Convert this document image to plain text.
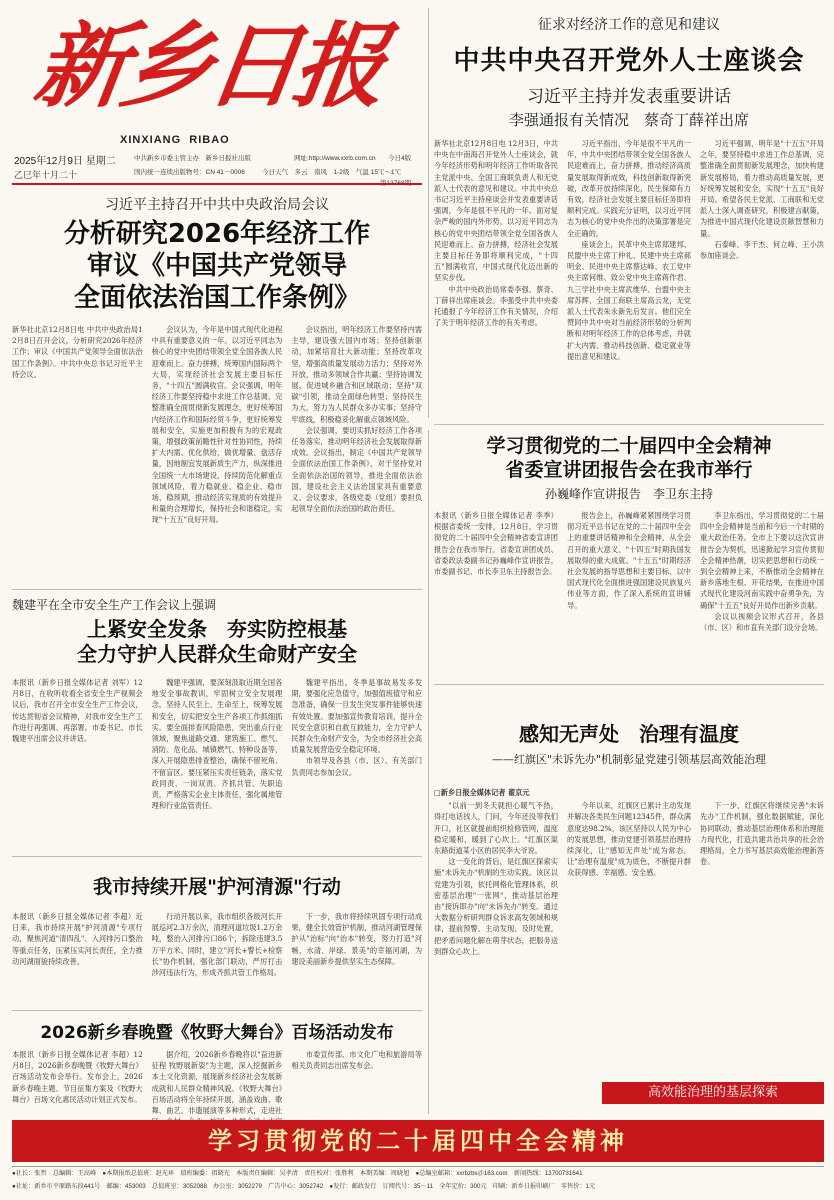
新乡日报
XINXIANG  RIBAO
2025年12月9日 星期二
乙巳年十月二十
中共新乡市委主管主办　新乡日报社出版	网址:http://www.xxrb.com.cn 今日4版
国内统一连续出版物号：CN 41－0006	今日天气　多云　南风　1-2级　气温 15℃～1℃
征求对经济工作的意见和建议
中共中央召开党外人士座谈会
习近平主持并发表重要讲话
李强通报有关情况　蔡奇丁薛祥出席

新华社北京12月8日电 12月3日，中共中央在中南海召开党外人士座谈会，就今年经济形势和明年经济工作听取各民主党派中央、全国工商联负责人和无党派人士代表的意见和建议。中共中央总书记习近平主持座谈会并发表重要讲话强调，今年是很不平凡的一年。面对复杂严峻的国内外形势，以习近平同志为核心的党中央团结带领全党全国各族人民迎难而上、奋力拼搏，经济社会发展主要目标任务即将顺利完成，"十四五"圆满收官，中国式现代化迈出新的坚实步伐。

中共中央政治局常委李强、蔡奇、丁薛祥出席座谈会。李强受中共中央委托通报了今年经济工作有关情况，介绍了关于明年经济工作的有关考虑。

习近平指出，今年是很不平凡的一年，中共中央团结带领全党全国各族人民迎难而上，奋力拼搏，推动经济高质量发展取得新成效，科技创新取得新突破，改革开放持续深化，民生保障有力有效，经济社会发展主要目标任务即将顺利完成。实践充分证明，以习近平同志为核心的党中央作出的决策部署是完全正确的。

座谈会上，民革中央主席郑建邦、民盟中央主席丁仲礼、民建中央主席郝明金、民进中央主席蔡达峰、农工党中央主席何维、致公党中央主席蒋作君、九三学社中央主席武维华、台盟中央主席苏辉、全国工商联主席高云龙，无党派人士代表朱永新先后发言。他们完全赞同中共中央对当前经济形势的分析判断和对明年经济工作的总体考虑，并就扩大内需、推动科技创新、稳定就业等提出意见和建议。

习近平强调，明年是"十五五"开局之年，要坚持稳中求进工作总基调，完整准确全面贯彻新发展理念，加快构建新发展格局，着力推动高质量发展，更好统筹发展和安全，实现"十五五"良好开局。希望各民主党派、工商联和无党派人士深入调查研究，积极建言献策，为推进中国式现代化建设贡献智慧和力量。

石泰峰、李干杰、何立峰、王小洪参加座谈会。

习近平主持召开中共中央政治局会议
分析研究2026年经济工作
审议《中国共产党领导
全面依法治国工作条例》

新华社北京12月8日电 中共中央政治局12月8日召开会议，分析研究2026年经济工作；审议《中国共产党领导全面依法治国工作条例》。中共中央总书记习近平主持会议。

会议认为，今年是中国式现代化进程中具有重要意义的一年。以习近平同志为核心的党中央团结带领全党全国各族人民迎难而上、奋力拼搏，统筹国内国际两个大局，实现经济社会发展主要目标任务，"十四五"圆满收官。会议强调，明年经济工作要坚持稳中求进工作总基调，完整准确全面贯彻新发展理念，更好统筹国内经济工作和国际经贸斗争，更好统筹发展和安全，实施更加积极有为的宏观政策，增强政策前瞻性针对性协同性，持续扩大内需、优化供给，做优增量、盘活存量，因地制宜发展新质生产力，纵深推进全国统一大市场建设，持续防范化解重点领域风险，着力稳就业、稳企业、稳市场、稳预期，推动经济实现质的有效提升和量的合理增长，保持社会和谐稳定，实现"十五五"良好开局。

会议指出，明年经济工作要坚持内需主导，建设强大国内市场；坚持创新驱动，加紧培育壮大新动能；坚持改革攻坚，增强高质量发展动力活力；坚持对外开放，推动多领域合作共赢；坚持协调发展，促进城乡融合和区域联动；坚持"双碳"引领，推动全面绿色转型；坚持民生为大，努力为人民群众多办实事；坚持守牢底线，积极稳妥化解重点领域风险。

会议强调，要切实抓好经济工作各项任务落实，推动明年经济社会发展取得新成效。会议指出，制定《中国共产党领导全面依法治国工作条例》，对于坚持党对全面依法治国的领导，推进全面依法治国，建设社会主义法治国家具有重要意义。会议要求，各级党委（党组）要担负起领导全面依法治国的政治责任。

学习贯彻党的二十届四中全会精神
省委宣讲团报告会在我市举行
孙巍峰作宣讲报告　李卫东主持

本报讯（新乡日报全媒体记者 李季）根据省委统一安排，12月8日，学习贯彻党的二十届四中全会精神省委宣讲团报告会在我市举行。省委宣讲团成员、省委政法委副书记孙巍峰作宣讲报告，市委副书记、市长李卫东主持报告会。

报告会上，孙巍峰紧紧围绕学习贯彻习近平总书记在党的二十届四中全会上的重要讲话精神和全会精神，从全会召开的重大意义、"十四五"时期我国发展取得的重大成就、"十五五"时期经济社会发展的指导思想和主要目标、以中国式现代化全面推进强国建设民族复兴伟业等方面，作了深入系统的宣讲辅导。

李卫东指出，学习贯彻党的二十届四中全会精神是当前和今后一个时期的重大政治任务。全市上下要以这次宣讲报告会为契机，迅速掀起学习宣传贯彻全会精神热潮，切实把思想和行动统一到全会精神上来，不断推动全会精神在新乡落地生根、开花结果，在推进中国式现代化建设河南实践中奋勇争先，为确保"十五五"良好开局作出新乡贡献。

会议以视频会议形式召开，各县（市、区）和市直有关部门设分会场。

魏建平在全市安全生产工作会议上强调
上紧安全发条　夯实防控根基
全力守护人民群众生命财产安全

本报讯（新乡日报全媒体记者 刘军）12月8日，在收听收看全省安全生产视频会议后，我市召开全市安全生产工作会议，传达贯彻省会议精神，对我市安全生产工作进行再强调、再部署。市委书记、市长魏建平出席会议并讲话。

魏建平强调，要深刻汲取近期全国各地安全事故教训，牢固树立安全发展理念，坚持人民至上、生命至上，统筹发展和安全，切实把安全生产各项工作抓细抓实。要全面排查风险隐患，突出重点行业领域，聚焦道路交通、建筑施工、燃气、消防、危化品、城镇燃气、特种设备等，深入开展隐患排查整治，确保不留死角、不留盲区。要压紧压实责任链条，落实党政同责、一岗双责、齐抓共管、失职追责，严格落实企业主体责任，强化属地管理和行业监管责任。

魏建平指出，冬季是事故易发多发期，要强化应急值守，加强值班值守和应急准备，确保一旦发生突发事件能够快速有效处置。要加强宣传教育培训，提升全民安全意识和自救互救能力，全力守护人民群众生命财产安全，为全市经济社会高质量发展营造安全稳定环境。

市领导及各县（市、区）、有关部门负责同志参加会议。

感知无声处　治理有温度
——红旗区"未诉先办"机制彰显党建引领基层高效能治理
□新乡日报全媒体记者 翟京元

"以前一到冬天就担心暖气不热，得打电话找人，门问，今年还没等我们开口，社区就提前组织检修管网，温度稳定暖和，暖到了心坎上。"红旗区渠东路街道某小区的居民李大爷说。

这一变化的背后，是红旗区探索实施"未诉先办"机制的生动实践。该区以党建为引领，依托网格化管理体系，织密基层治理"一张网"，推动基层治理由"接诉即办"向"未诉先办"转变。通过大数据分析研判群众诉求高发领域和规律，提前预警、主动发现、及时处置，把矛盾问题化解在萌芽状态，把服务送到群众心坎上。

今年以来，红旗区已累计主动发现并解决各类民生问题12345件，群众满意度达98.2%。该区坚持以人民为中心的发展思想，推动党建引领基层治理持续深化，让"感知无声处"成为常态，让"治理有温度"成为底色，不断提升群众获得感、幸福感、安全感。

下一步，红旗区将继续完善"未诉先办"工作机制，强化数据赋能，深化协同联动，推动基层治理体系和治理能力现代化，打造共建共治共享的社会治理格局，全力书写基层高效能治理新答卷。

高效能治理的基层探索
我市持续开展"护河清源"行动

本报讯（新乡日报全媒体记者 李超）近日来，我市持续开展"护河清源"专项行动，聚焦河道"清四乱"、入河排污口整治等重点任务，压紧压实河长责任，全力推动河湖面貌持续改善。

行动开展以来，我市组织各级河长开展巡河2.3万余次，清理河道垃圾1.2万余吨，整治入河排污口86个，拆除违建3.5万平方米。同时，建立"河长+警长+检察长"协作机制，强化部门联动，严厉打击涉河违法行为，形成齐抓共管工作格局。

下一步，我市将持续巩固专项行动成果，健全长效管护机制，推动河湖管理保护从"治标"向"治本"转变，努力打造"河畅、水清、岸绿、景美"的幸福河湖，为建设美丽新乡提供坚实生态保障。

2026新乡春晚暨《牧野大舞台》百场活动发布

本报讯（新乡日报全媒体记者 李超）12月8日，2026新乡春晚暨《牧野大舞台》百场活动发布会举行。发布会上，2026新乡春晚主题、节目征集方案及《牧野大舞台》百场文化惠民活动计划正式发布。

据介绍，2026新乡春晚将以"奋进新征程 牧野展新姿"为主题，深入挖掘新乡本土文化资源，展现新乡经济社会发展新成就和人民群众精神风貌。《牧野大舞台》百场活动将全年持续开展，涵盖戏曲、歌舞、曲艺、非遗展演等多种形式，走进社

市委宣传部、市文化广电和旅游局等相关负责同志出席发布会。

学习贯彻党的二十届四中全会精神
●社长：张哲　总编辑：王高峰　●本期报纸总值班：赵光环　值班编委：祖晓光　本版责任编辑：吴孝清　责任校对：张胜利　本期美编：周晓旭　●总编室邮箱：xxrbzbs＠163.com　新闻热线：13700731641
●社址：新乡市平原路东段441号　邮编：453003　总值班室：3052088　办公室：3052279　广告中心：3052742　●发行：邮政发行　订阅代号：35－11　全年定价：300元　印刷：新乡日报印刷厂　零售价：1元
